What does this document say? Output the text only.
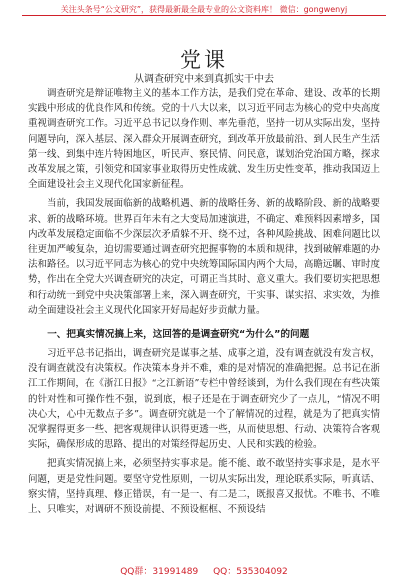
关注头条号“公文研究”，获得最新最全最专业的公文资料库！ 微信：gongwenyj
党课
从调查研究中来到真抓实干中去

调查研究是辩证唯物主义的基本工作方法，是我们党在革命、建设、改革的长期实践中形成的优良作风和传统。党的十八大以来，以习近平同志为核心的党中央高度重视调查研究工作。习近平总书记以身作则、率先垂范，坚持一切从实际出发，坚持问题导向，深入基层、深入群众开展调查研究，到改革开放最前沿、到人民生产生活第一线、到集中连片特困地区，听民声、察民情、问民意，谋划治党治国方略，探求改革发展之策，引领党和国家事业取得历史性成就、发生历史性变革，推动我国迈上全面建设社会主义现代化国家新征程。

当前，我国发展面临新的战略机遇、新的战略任务、新的战略阶段、新的战略要求、新的战略环境。世界百年未有之大变局加速演进，不确定、难预料因素增多，国内改革发展稳定面临不少深层次矛盾躲不开、绕不过，各种风险挑战、困难问题比以往更加严峻复杂，迫切需要通过调查研究把握事物的本质和规律，找到破解难题的办法和路径。以习近平同志为核心的党中央统筹国际国内两个大局，高瞻远瞩、审时度势，作出在全党大兴调查研究的决定，可谓正当其时、意义重大。我们要切实把思想和行动统一到党中央决策部署上来，深入调查研究，干实事、谋实招、求实效，为推动全面建设社会主义现代化国家开好局起好步贡献力量。

一、把真实情况搞上来，这回答的是调查研究“为什么”的问题

习近平总书记指出，调查研究是谋事之基、成事之道，没有调查就没有发言权，没有调查就没有决策权。作决策本身并不难，难的是对情况的准确把握。总书记在浙江工作期间，在《浙江日报》“之江新语”专栏中曾经谈到，为什么我们现在有些决策的针对性和可操作性不强，说到底，根子还是在于调查研究少了一点儿，“情况不明决心大，心中无数点子多”。调查研究就是一个了解情况的过程，就是为了把真实情况掌握得更多一些、把客观规律认识得更透一些，从而使思想、行动、决策符合客观实际，确保形成的思路、提出的对策经得起历史、人民和实践的检验。

把真实情况搞上来，必须坚持实事求是。能不能、敢不敢坚持实事求是，是水平问题，更是党性问题。要坚守党性原则，一切从实际出发，理论联系实际，听真话、察实情，坚持真理、修正错误，有一是一、有二是二，既报喜又报忧。不唯书、不唯上、只唯实，对调研不预设前提、不预设框框、不预设结

QQ群：31991489 QQ：535304092
